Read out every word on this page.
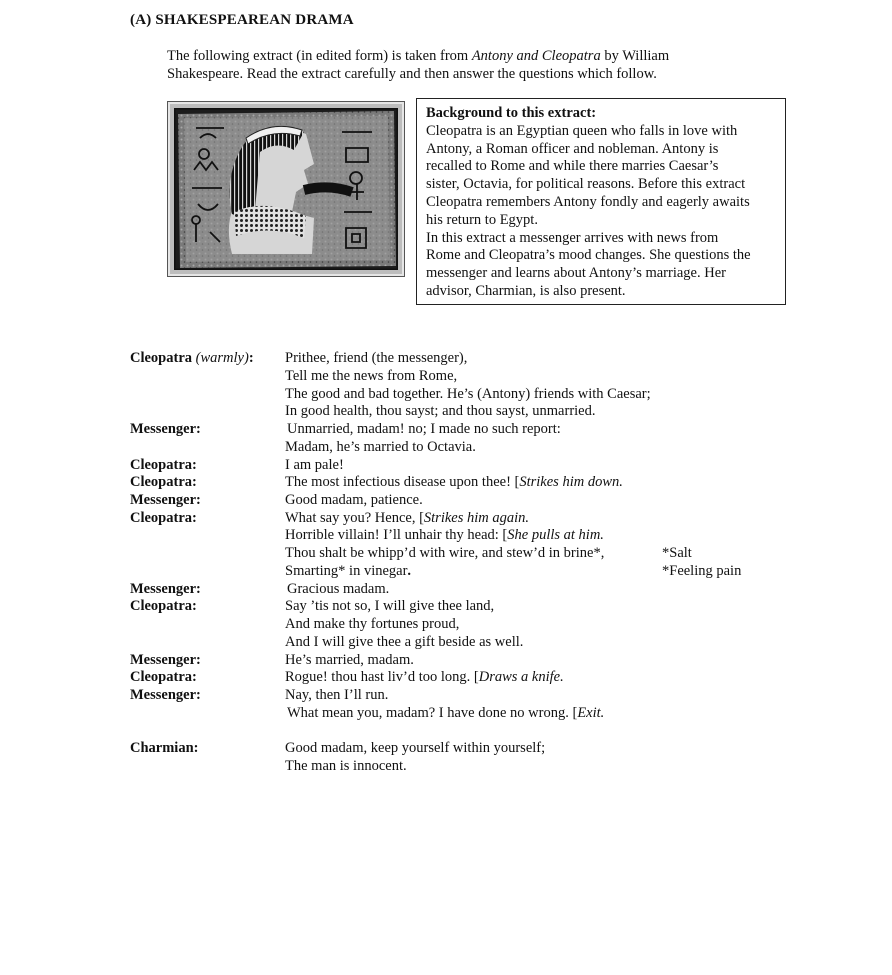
(A) SHAKESPEAREAN DRAMA
The following extract (in edited form) is taken from Antony and Cleopatra by William
Shakespeare. Read the extract carefully and then answer the questions which follow.
Background to this extract:
Cleopatra is an Egyptian queen who falls in love with
Antony, a Roman officer and nobleman. Antony is
recalled to Rome and while there marries Caesar’s
sister, Octavia, for political reasons. Before this extract
Cleopatra remembers Antony fondly and eagerly awaits
his return to Egypt.
In this extract a messenger arrives with news from
Rome and Cleopatra’s mood changes. She questions the
messenger and learns about Antony’s marriage. Her
advisor, Charmian, is also present.
Cleopatra (warmly): Prithee, friend (the messenger),
Tell me the news from Rome,
The good and bad together. He’s (Antony) friends with Caesar;
In good health, thou sayst; and thou sayst, unmarried.
Messenger:	Unmarried, madam! no; I made no such report:
Madam, he’s married to Octavia.
Cleopatra:	I am pale!
Cleopatra:	The most infectious disease upon thee! [Strikes him down.
Messenger:	Good madam, patience.
Cleopatra:	What say you? Hence, [Strikes him again.
Horrible villain! I’ll unhair thy head: [She pulls at him.
Thou shalt be whipp’d with wire, and stew’d in brine*,	*Salt
Smarting* in vinegar.	*Feeling pain
Messenger:	Gracious madam.
Cleopatra:	Say ’tis not so, I will give thee land,
And make thy fortunes proud,
And I will give thee a gift beside as well.
Messenger:	He’s married, madam.
Cleopatra:	Rogue! thou hast liv’d too long. [Draws a knife.
Messenger:	Nay, then I’ll run.
What mean you, madam? I have done no wrong. [Exit.
Charmian:	Good madam, keep yourself within yourself;
The man is innocent.
